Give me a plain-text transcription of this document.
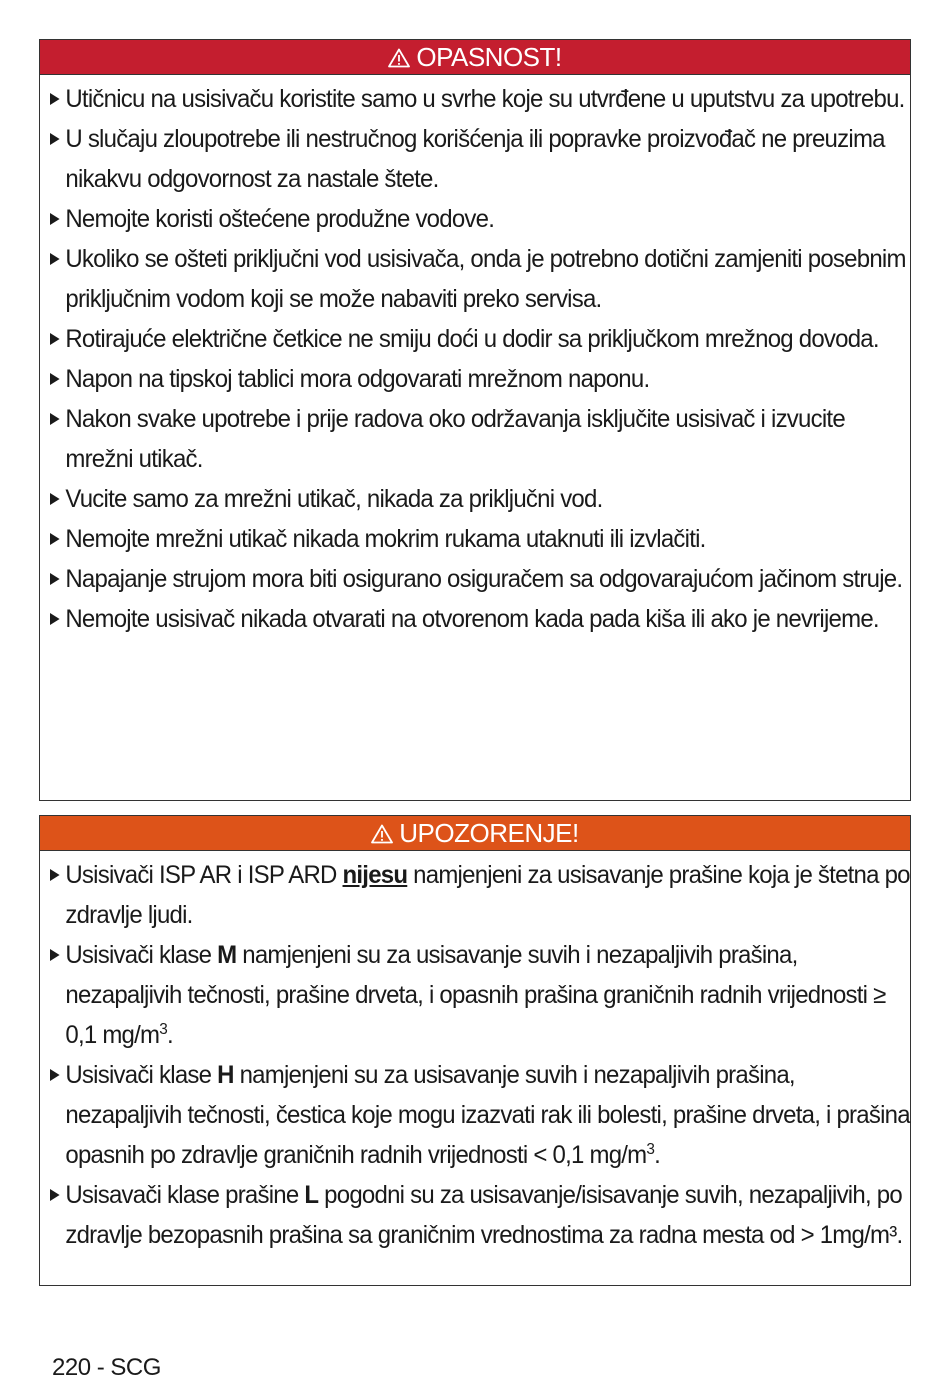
OPASNOST!
Utičnicu na usisivaču koristite samo u svrhe koje su utvrđene u uputstvu za upotrebu.
U slučaju zloupotrebe ili nestručnog korišćenja ili popravke proizvođač ne preuzima nikakvu odgovornost za nastale štete.
Nemojte koristi oštećene produžne vodove.
Ukoliko se ošteti priključni vod usisivača, onda je potrebno dotični zamjeniti posebnim priključnim vodom koji se može nabaviti preko servisa.
Rotirajuće električne četkice ne smiju doći u dodir sa priključkom mrežnog dovoda.
Napon na tipskoj tablici mora odgovarati mrežnom naponu.
Nakon svake upotrebe i prije radova oko održavanja isključite usisivač i izvucite mrežni utikač.
Vucite samo za mrežni utikač, nikada za priključni vod.
Nemojte mrežni utikač nikada mokrim rukama utaknuti ili izvlačiti.
Napajanje strujom mora biti osigurano osiguračem sa odgovarajućom jačinom struje.
Nemojte usisivač nikada otvarati na otvorenom kada pada kiša ili ako je nevrijeme.
UPOZORENJE!
Usisivači ISP AR i ISP ARD nijesu namjenjeni za usisavanje prašine koja je štetna po zdravlje ljudi.
Usisivači klase M namjenjeni su za usisavanje suvih i nezapaljivih prašina, nezapaljivih tečnosti, prašine drveta, i opasnih prašina graničnih radnih vrijednosti ≥ 0,1 $mg/m^3$.
Usisivači klase H namjenjeni su za usisavanje suvih i nezapaljivih prašina, nezapaljivih tečnosti, čestica koje mogu izazvati rak ili bolesti, prašine drveta, i prašina opasnih po zdravlje graničnih radnih vrijednosti < 0,1 $mg/m^3$.
Usisavači klase prašine L pogodni su za usisavanje/isisavanje suvih, nezapaljivih, po zdravlje bezopasnih prašina sa graničnim vrednostima za radna mesta od > 1mg/m³.
220 - SCG
